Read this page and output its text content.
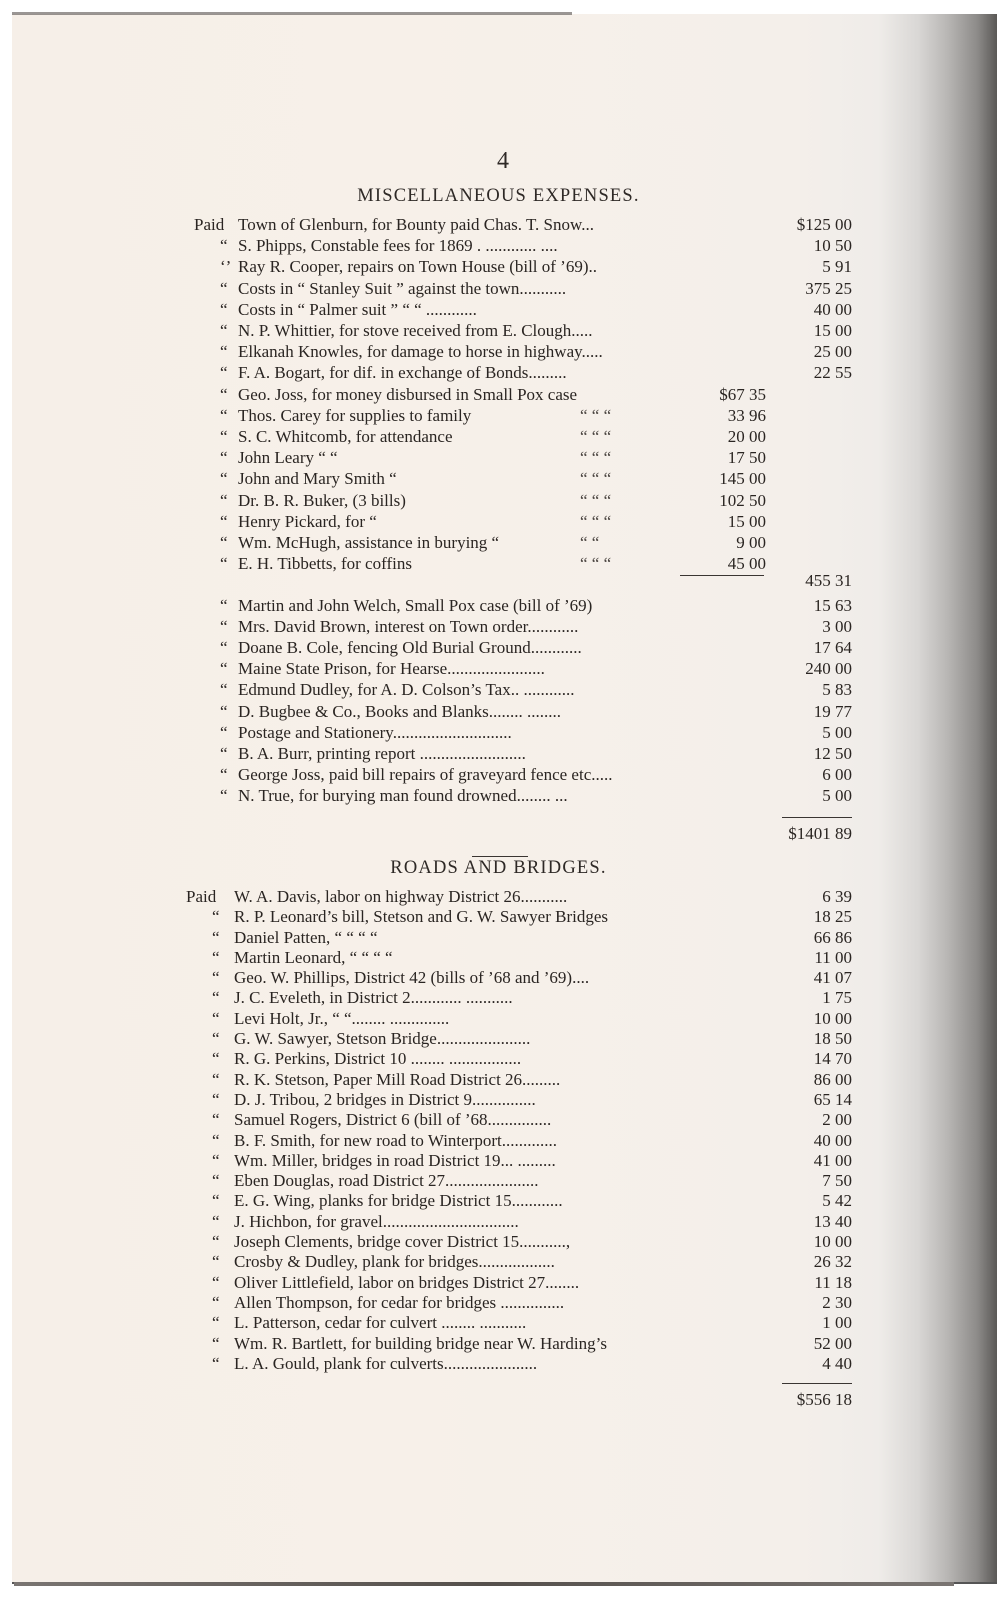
4
MISCELLANEOUS EXPENSES.
Paid Town of Glenburn, for Bounty paid Chas. T. Snow...	$125 00
“ S. Phipps, Constable fees for 1869 . ............ ....	10 50
‘’ Ray R. Cooper, repairs on Town House (bill of ’69)..	5 91
“ Costs in “ Stanley Suit ” against the town...........	375 25
“ Costs in “ Palmer suit ” “ “ ............	40 00
“ N. P. Whittier, for stove received from E. Clough.....	15 00
“ Elkanah Knowles, for damage to horse in highway.....	25 00
“ F. A. Bogart, for dif. in exchange of Bonds.........	22 55
“ Geo. Joss, for money disbursed in Small Pox case	$67 35
“ Thos. Carey for supplies to family	“ “ “	33 96
“ S. C. Whitcomb, for attendance	“ “ “	20 00
“ John Leary “ “	“ “ “	17 50
“ John and Mary Smith “	“ “ “	145 00
“ Dr. B. R. Buker, (3 bills)	“ “ “	102 50
“ Henry Pickard, for “	“ “ “	15 00
“ Wm. McHugh, assistance in burying “	“ “	9 00
“ E. H. Tibbetts, for coffins	“ “ “	45 00
455 31
“ Martin and John Welch, Small Pox case (bill of ’69)	15 63
“ Mrs. David Brown, interest on Town order............	3 00
“ Doane B. Cole, fencing Old Burial Ground............	17 64
“ Maine State Prison, for Hearse.......................	240 00
“ Edmund Dudley, for A. D. Colson’s Tax.. ............	5 83
“ D. Bugbee & Co., Books and Blanks........ ........	19 77
“ Postage and Stationery............................	5 00
“ B. A. Burr, printing report .........................	12 50
“ George Joss, paid bill repairs of graveyard fence etc.....	6 00
“ N. True, for burying man found drowned........ ...	5 00
$1401 89
ROADS AND BRIDGES.
Paid W. A. Davis, labor on highway District 26...........	6 39
“ R. P. Leonard’s bill, Stetson and G. W. Sawyer Bridges	18 25
“ Daniel Patten, “ “ “ “	66 86
“ Martin Leonard, “ “ “ “	11 00
“ Geo. W. Phillips, District 42 (bills of ’68 and ’69)....	41 07
“ J. C. Eveleth, in District 2............ ...........	1 75
“ Levi Holt, Jr., “ “........ ..............	10 00
“ G. W. Sawyer, Stetson Bridge......................	18 50
“ R. G. Perkins, District 10 ........ .................	14 70
“ R. K. Stetson, Paper Mill Road District 26.........	86 00
“ D. J. Tribou, 2 bridges in District 9...............	65 14
“ Samuel Rogers, District 6 (bill of ’68...............	2 00
“ B. F. Smith, for new road to Winterport.............	40 00
“ Wm. Miller, bridges in road District 19... .........	41 00
“ Eben Douglas, road District 27......................	7 50
“ E. G. Wing, planks for bridge District 15............	5 42
“ J. Hichbon, for gravel................................	13 40
“ Joseph Clements, bridge cover District 15...........,	10 00
“ Crosby & Dudley, plank for bridges..................	26 32
“ Oliver Littlefield, labor on bridges District 27........	11 18
“ Allen Thompson, for cedar for bridges ...............	2 30
“ L. Patterson, cedar for culvert ........ ...........	1 00
“ Wm. R. Bartlett, for building bridge near W. Harding’s	52 00
“ L. A. Gould, plank for culverts......................	4 40
$556 18
